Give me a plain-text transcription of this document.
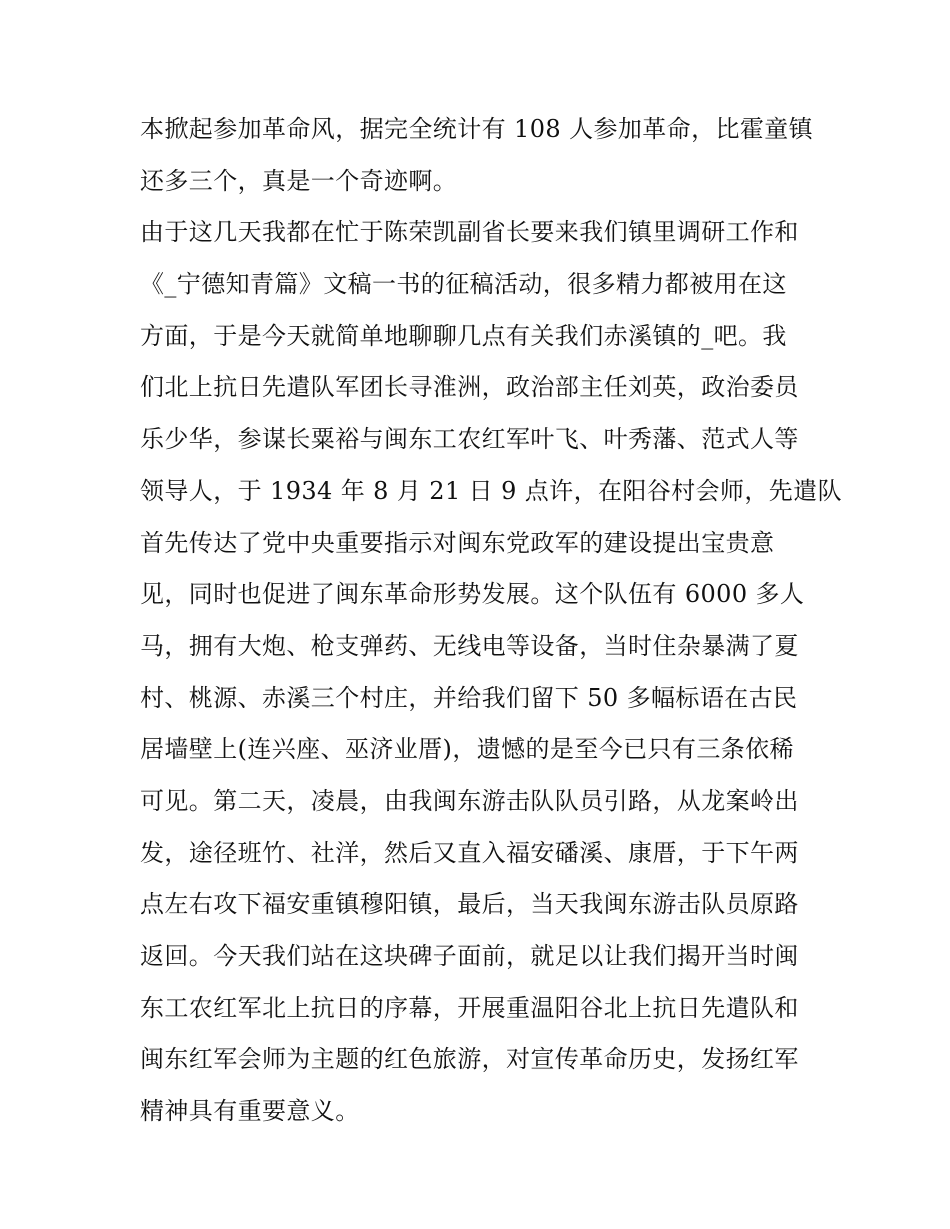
本掀起参加革命风，据完全统计有 108 人参加革命，比霍童镇
还多三个，真是一个奇迹啊。
由于这几天我都在忙于陈荣凯副省长要来我们镇里调研工作和
《_宁德知青篇》文稿一书的征稿活动，很多精力都被用在这
方面，于是今天就简单地聊聊几点有关我们赤溪镇的_吧。我
们北上抗日先遣队军团长寻淮洲，政治部主任刘英，政治委员
乐少华，参谋长粟裕与闽东工农红军叶飞、叶秀藩、范式人等
领导人，于 1934 年 8 月 21 日 9 点许，在阳谷村会师，先遣队
首先传达了党中央重要指示对闽东党政军的建设提出宝贵意
见，同时也促进了闽东革命形势发展。这个队伍有 6000 多人
马，拥有大炮、枪支弹药、无线电等设备，当时住杂暴满了夏
村、桃源、赤溪三个村庄，并给我们留下 50 多幅标语在古民
居墙壁上(连兴座、巫济业厝)，遗憾的是至今已只有三条依稀
可见。第二天，凌晨，由我闽东游击队队员引路，从龙案岭出
发，途径班竹、社洋，然后又直入福安磻溪、康厝，于下午两
点左右攻下福安重镇穆阳镇，最后，当天我闽东游击队员原路
返回。今天我们站在这块碑子面前，就足以让我们揭开当时闽
东工农红军北上抗日的序幕，开展重温阳谷北上抗日先遣队和
闽东红军会师为主题的红色旅游，对宣传革命历史，发扬红军
精神具有重要意义。
